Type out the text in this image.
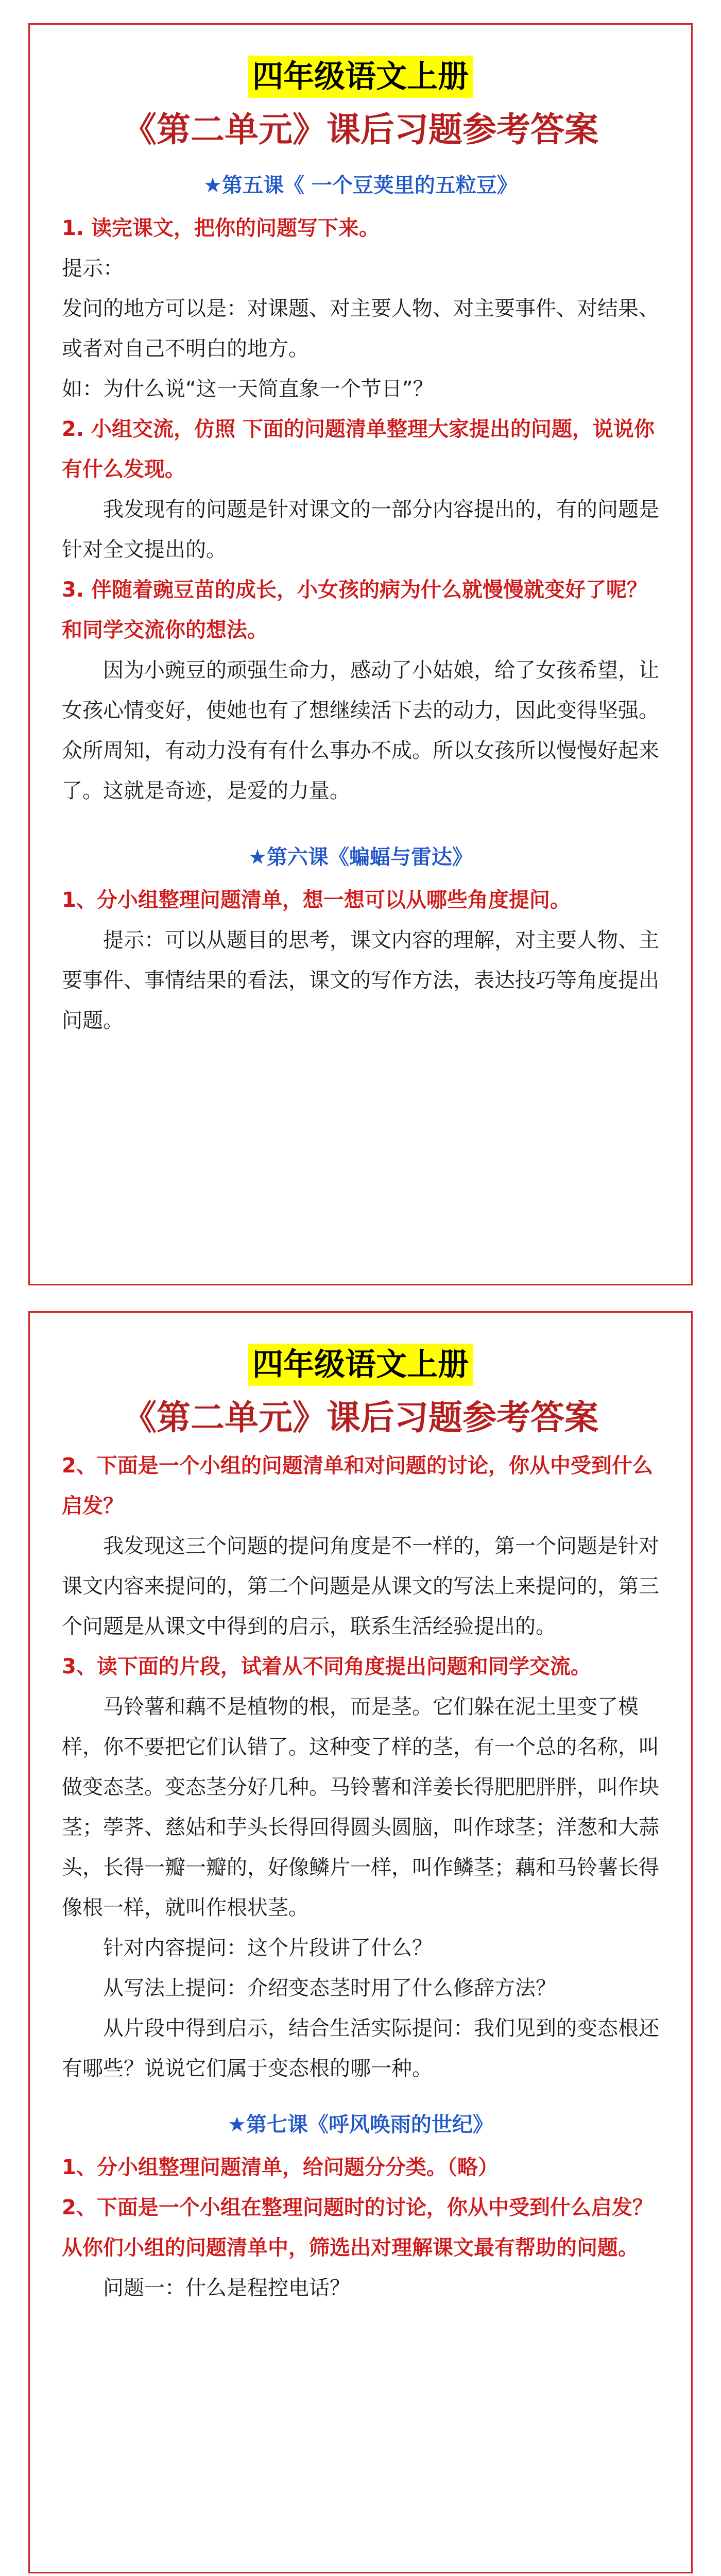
四年级语文上册
《第二单元》课后习题参考答案
★第五课《 一个豆荚里的五粒豆》

1. 读完课文，把你的问题写下来。

提示：

发问的地方可以是：对课题、对主要人物、对主要事件、对结果、或者对自己不明白的地方。

如：为什么说“这一天简直象一个节日”？

2. 小组交流，仿照 下面的问题清单整理大家提出的问题，说说你有什么发现。

我发现有的问题是针对课文的一部分内容提出的，有的问题是针对全文提出的。

3. 伴随着豌豆苗的成长，小女孩的病为什么就慢慢就变好了呢？和同学交流你的想法。

因为小豌豆的顽强生命力，感动了小姑娘，给了女孩希望，让女孩心情变好，使她也有了想继续活下去的动力，因此变得坚强。众所周知，有动力没有有什么事办不成。所以女孩所以慢慢好起来了。这就是奇迹，是爱的力量。

★第六课《蝙蝠与雷达》

1、分小组整理问题清单，想一想可以从哪些角度提问。

提示：可以从题目的思考，课文内容的理解，对主要人物、主要事件、事情结果的看法，课文的写作方法，表达技巧等角度提出问题。

四年级语文上册
《第二单元》课后习题参考答案

2、下面是一个小组的问题清单和对问题的讨论，你从中受到什么启发？

我发现这三个问题的提问角度是不一样的，第一个问题是针对课文内容来提问的，第二个问题是从课文的写法上来提问的，第三个问题是从课文中得到的启示，联系生活经验提出的。

3、读下面的片段，试着从不同角度提出问题和同学交流。

马铃薯和藕不是植物的根，而是茎。它们躲在泥土里变了模样，你不要把它们认错了。这种变了样的茎，有一个总的名称，叫做变态茎。变态茎分好几种。马铃薯和洋姜长得肥肥胖胖，叫作块茎；荸荠、慈姑和芋头长得回得圆头圆脑，叫作球茎；洋葱和大蒜头，长得一瓣一瓣的，好像鳞片一样，叫作鳞茎；藕和马铃薯长得像根一样，就叫作根状茎。

针对内容提问：这个片段讲了什么？

从写法上提问：介绍变态茎时用了什么修辞方法？

从片段中得到启示，结合生活实际提问：我们见到的变态根还有哪些？说说它们属于变态根的哪一种。

★第七课《呼风唤雨的世纪》

1、分小组整理问题清单，给问题分分类。（略）

2、下面是一个小组在整理问题时的讨论，你从中受到什么启发？从你们小组的问题清单中，筛选出对理解课文最有帮助的问题。

问题一：什么是程控电话？
